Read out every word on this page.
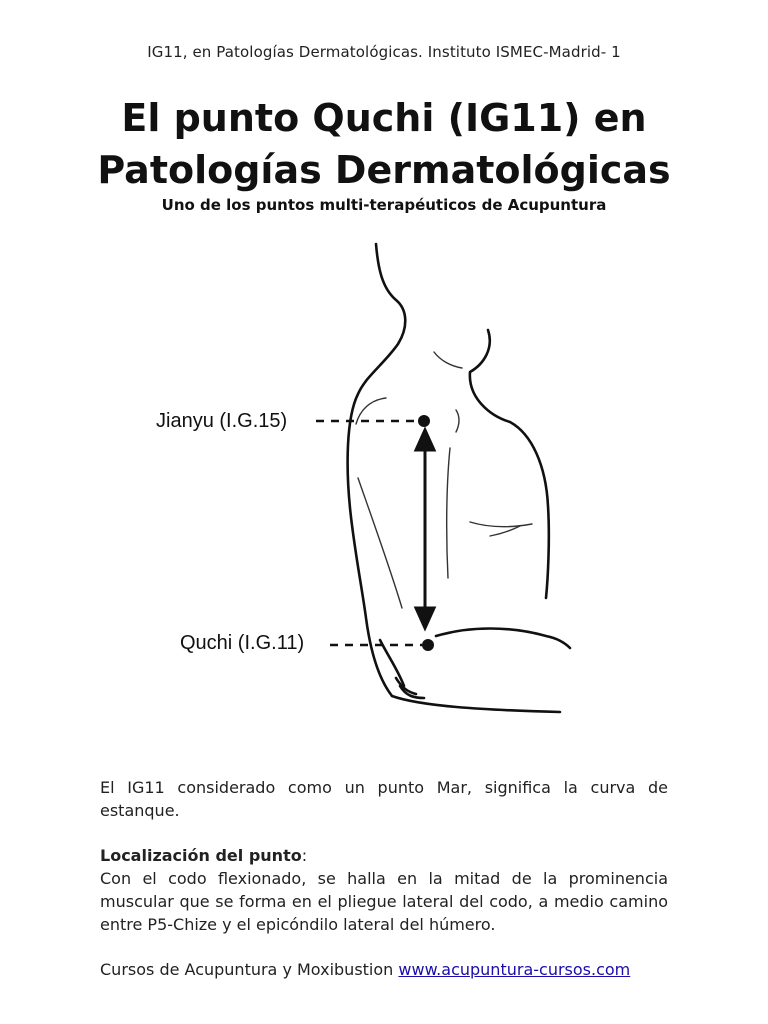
IG11, en Patologías Dermatológicas. Instituto ISMEC-Madrid- 1
El punto Quchi (IG11) en
Patologías Dermatológicas
Uno de los puntos multi-terapéuticos de Acupuntura
Jianyu (I.G.15)
Quchi (I.G.11)

El IG11 considerado como un punto Mar, significa la curva de estanque.

Localización del punto:
Con el codo flexionado, se halla en la mitad de la prominencia muscular que se forma en el pliegue lateral del codo, a medio camino entre P5-Chize y el epicóndilo lateral del húmero.
Cursos de Acupuntura y Moxibustion www.acupuntura-cursos.com
